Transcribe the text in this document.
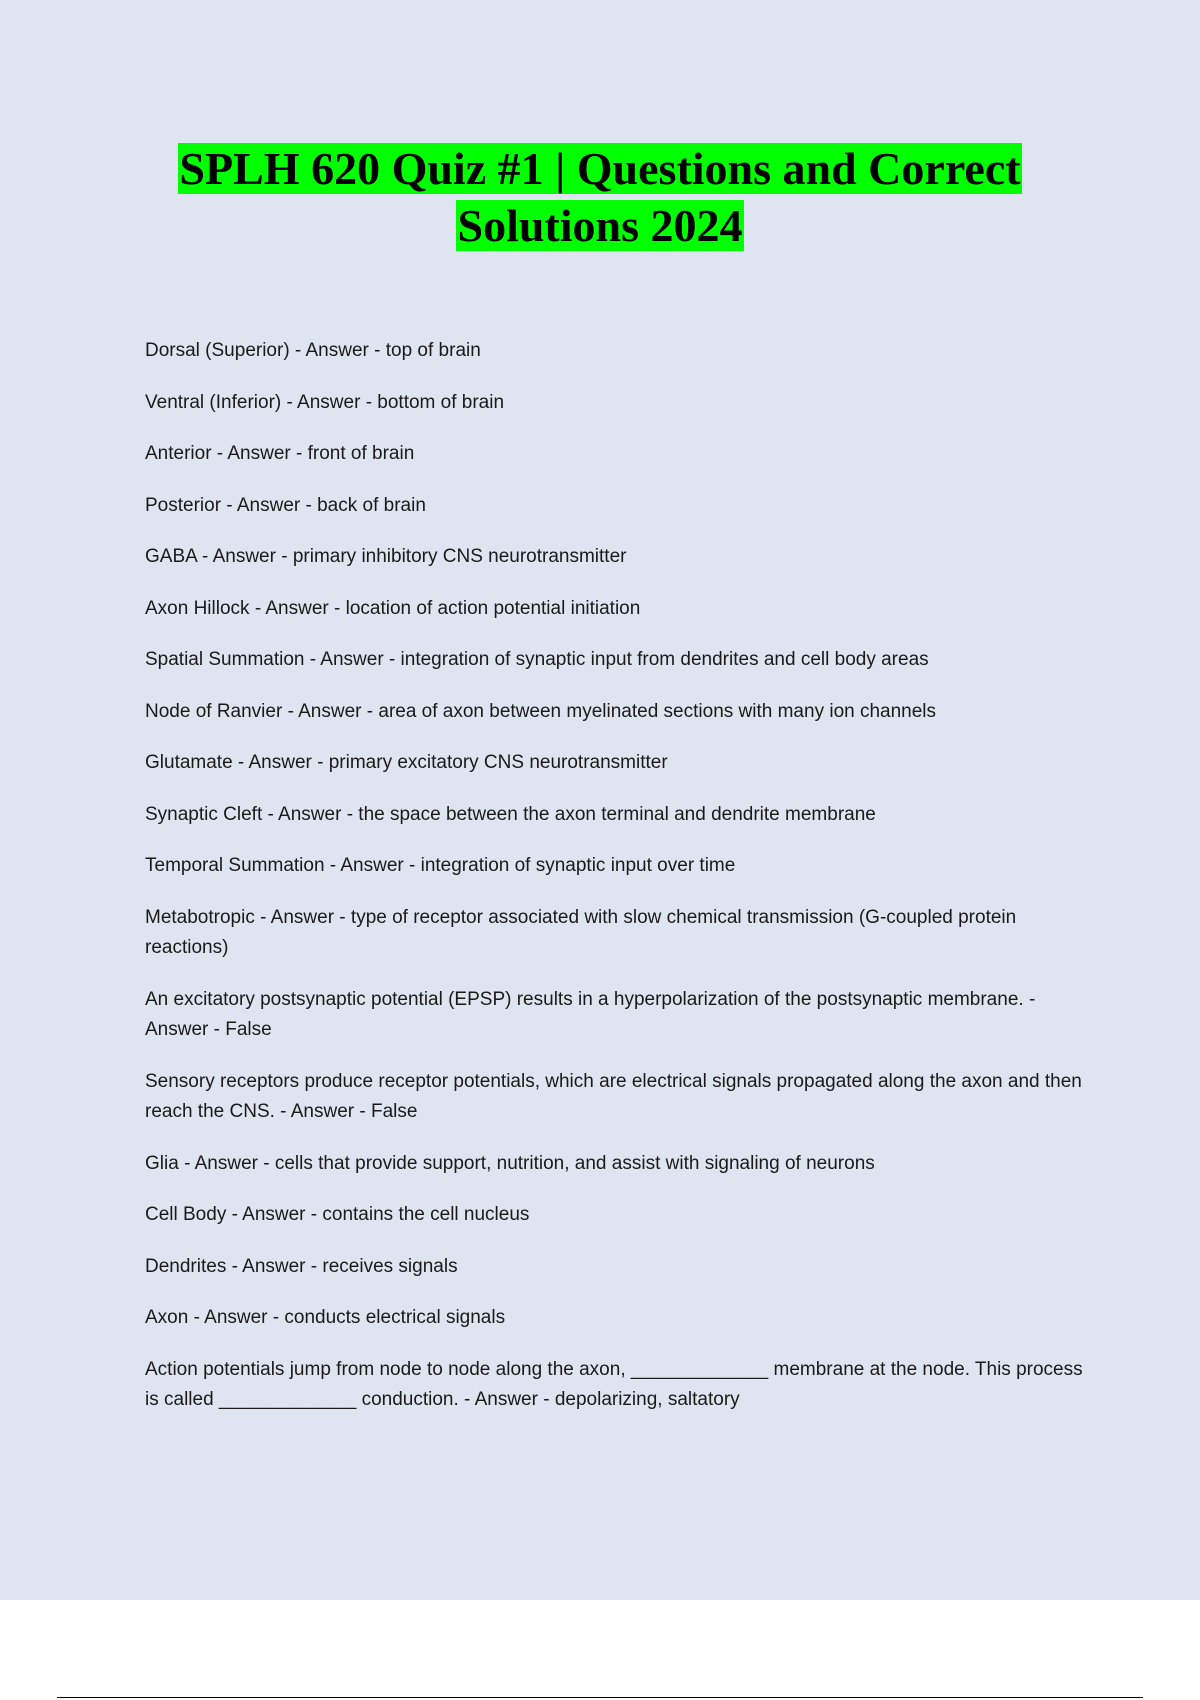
SPLH 620 Quiz #1 | Questions and Correct
Solutions 2024

Dorsal (Superior) - Answer - top of brain

Ventral (Inferior) - Answer - bottom of brain

Anterior - Answer - front of brain

Posterior - Answer - back of brain

GABA - Answer - primary inhibitory CNS neurotransmitter

Axon Hillock - Answer - location of action potential initiation

Spatial Summation - Answer - integration of synaptic input from dendrites and cell body areas

Node of Ranvier - Answer - area of axon between myelinated sections with many ion channels

Glutamate - Answer - primary excitatory CNS neurotransmitter

Synaptic Cleft - Answer - the space between the axon terminal and dendrite membrane

Temporal Summation - Answer - integration of synaptic input over time

Metabotropic - Answer - type of receptor associated with slow chemical transmission (G-coupled protein reactions)

An excitatory postsynaptic potential (EPSP) results in a hyperpolarization of the postsynaptic membrane. - Answer - False

Sensory receptors produce receptor potentials, which are electrical signals propagated along the axon and then reach the CNS. - Answer - False

Glia - Answer - cells that provide support, nutrition, and assist with signaling of neurons

Cell Body - Answer - contains the cell nucleus

Dendrites - Answer - receives signals

Axon - Answer - conducts electrical signals

Action potentials jump from node to node along the axon, _____________ membrane at the node. This process is called _____________ conduction. - Answer - depolarizing, saltatory
